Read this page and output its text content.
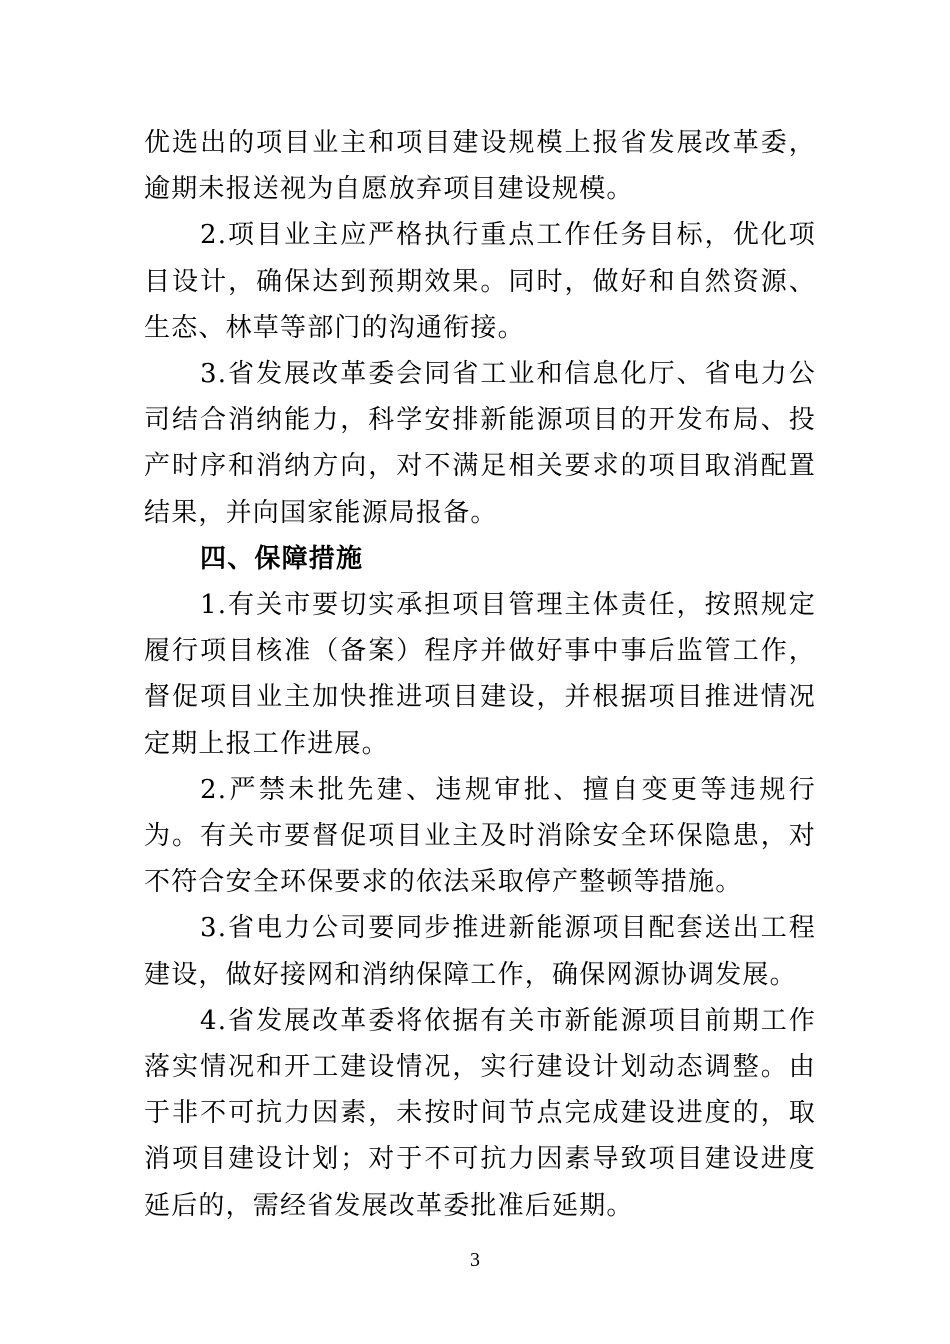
优选出的项目业主和项目建设规模上报省发展改革委，逾期未报送视为自愿放弃项目建设规模。

2.项目业主应严格执行重点工作任务目标，优化项目设计，确保达到预期效果。同时，做好和自然资源、生态、林草等部门的沟通衔接。

3.省发展改革委会同省工业和信息化厅、省电力公司结合消纳能力，科学安排新能源项目的开发布局、投产时序和消纳方向，对不满足相关要求的项目取消配置结果，并向国家能源局报备。

四、保障措施

1.有关市要切实承担项目管理主体责任，按照规定履行项目核准（备案）程序并做好事中事后监管工作，督促项目业主加快推进项目建设，并根据项目推进情况定期上报工作进展。

2.严禁未批先建、违规审批、擅自变更等违规行为。有关市要督促项目业主及时消除安全环保隐患，对不符合安全环保要求的依法采取停产整顿等措施。

3.省电力公司要同步推进新能源项目配套送出工程建设，做好接网和消纳保障工作，确保网源协调发展。

4.省发展改革委将依据有关市新能源项目前期工作落实情况和开工建设情况，实行建设计划动态调整。由于非不可抗力因素，未按时间节点完成建设进度的，取消项目建设计划；对于不可抗力因素导致项目建设进度延后的，需经省发展改革委批准后延期。

3
